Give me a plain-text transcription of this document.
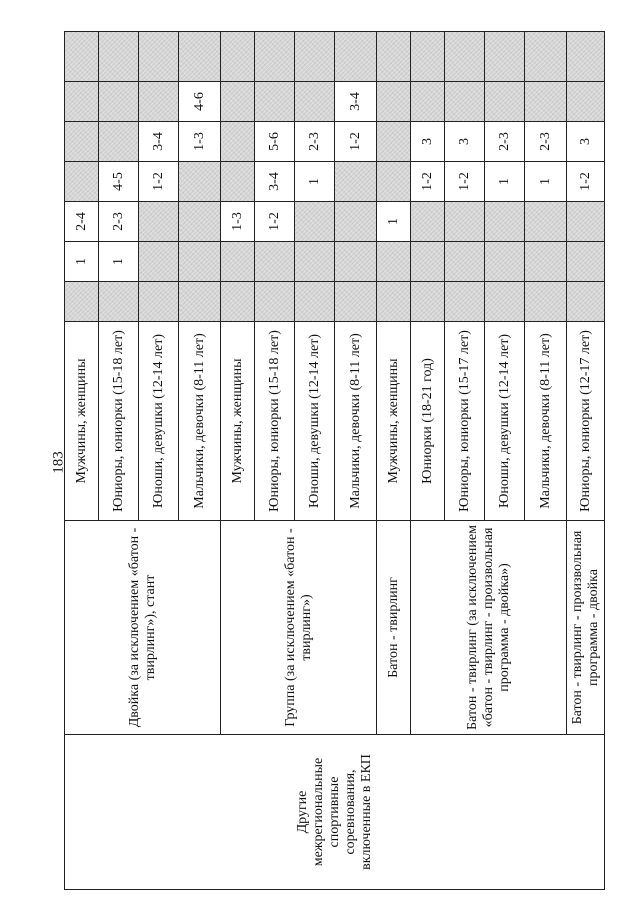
183
Другие межрегиональные спортивные соревнования, включенные в ЕКП	Двойка (за исключением «батон - твирлинг»), стант	Мужчины, женщины		1	2-4				
		Юниоры, юниорки (15-18 лет)		1	2-3	4-5			
		Юноши, девушки (12-14 лет)				1-2	3-4		
		Мальчики, девочки (8-11 лет)					1-3	4-6	
	Группа (за исключением «батон - твирлинг»)	Мужчины, женщины			1-3				
		Юниоры, юниорки (15-18 лет)			1-2	3-4	5-6		
		Юноши, девушки (12-14 лет)				1	2-3		
		Мальчики, девочки (8-11 лет)					1-2	3-4	
	Батон - твирлинг	Мужчины, женщины			1				
	Батон - твирлинг (за исключением «батон - твирлинг - произвольная программа - двойка»)	Юниорки (18-21 год)				1-2	3		
		Юниоры, юниорки (15-17 лет)				1-2	3		
		Юноши, девушки (12-14 лет)				1	2-3		
		Мальчики, девочки (8-11 лет)				1	2-3		
	Батон - твирлинг - произвольная программа - двойка	Юниоры, юниорки (12-17 лет)				1-2	3		
